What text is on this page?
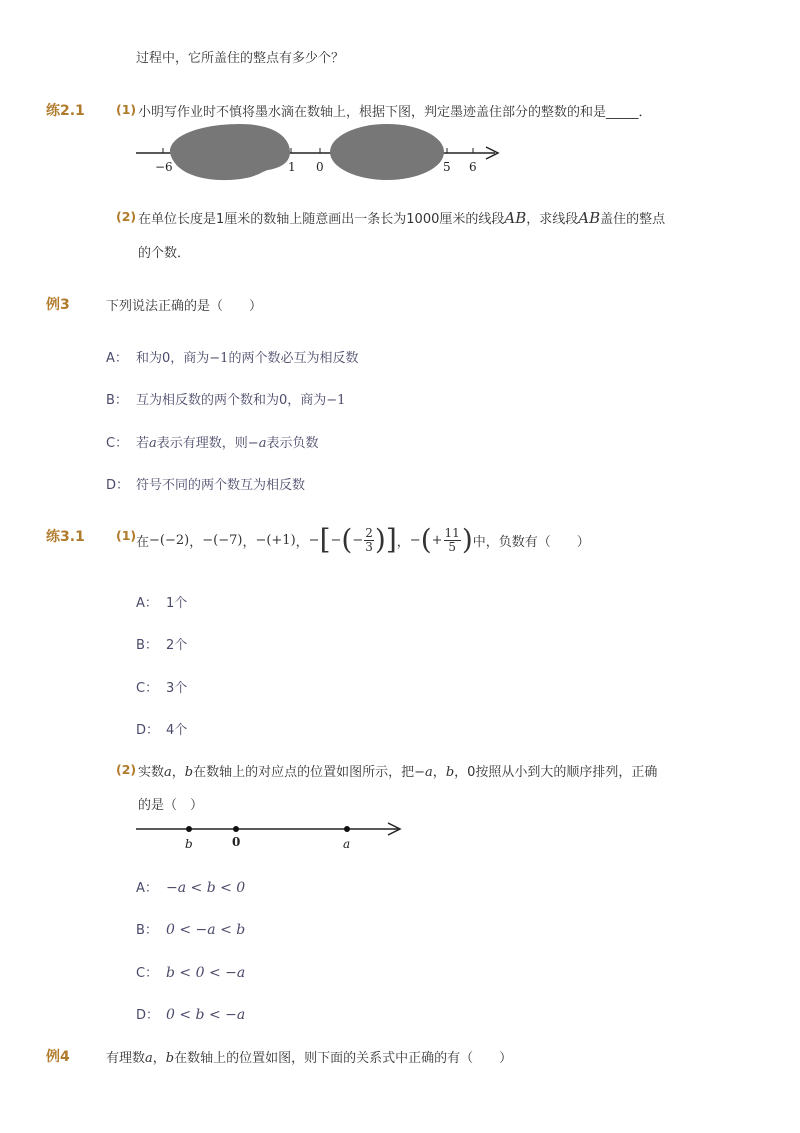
过程中，它所盖住的整点有多少个？
练2.1 (1) 小明写作业时不慎将墨水滴在数轴上，根据下图，判定墨迹盖住部分的整数的和是_____．
−6	1 0	5 6
(2) 在单位长度是1厘米的数轴上随意画出一条长为1000厘米的线段AB，求线段AB盖住的整点
的个数．
例3	下列说法正确的是（　　）
A： 和为0，商为−1的两个数必互为相反数
B： 互为相反数的两个数和为0，商为−1
C： 若a表示有理数，则−a表示负数
D： 符号不同的两个数互为相反数
练3.1 (1) 在 −(−2) ， −(−7) ， −(+1) ， − [ − ( − $\frac{2}{3}$ ) ] ， − ( + $\frac{11}{5}$ ) 中，负数有（　　）
A： 1个
B： 2个
C： 3个
D： 4个
(2) 实数a，b在数轴上的对应点的位置如图所示，把−a，b，0按照从小到大的顺序排列，正确
的是（　）
b	0	a
A： −a < b < 0
B： 0 < −a < b
C： b < 0 < −a
D： 0 < b < −a
例4	有理数a，b在数轴上的位置如图，则下面的关系式中正确的有（　　）
